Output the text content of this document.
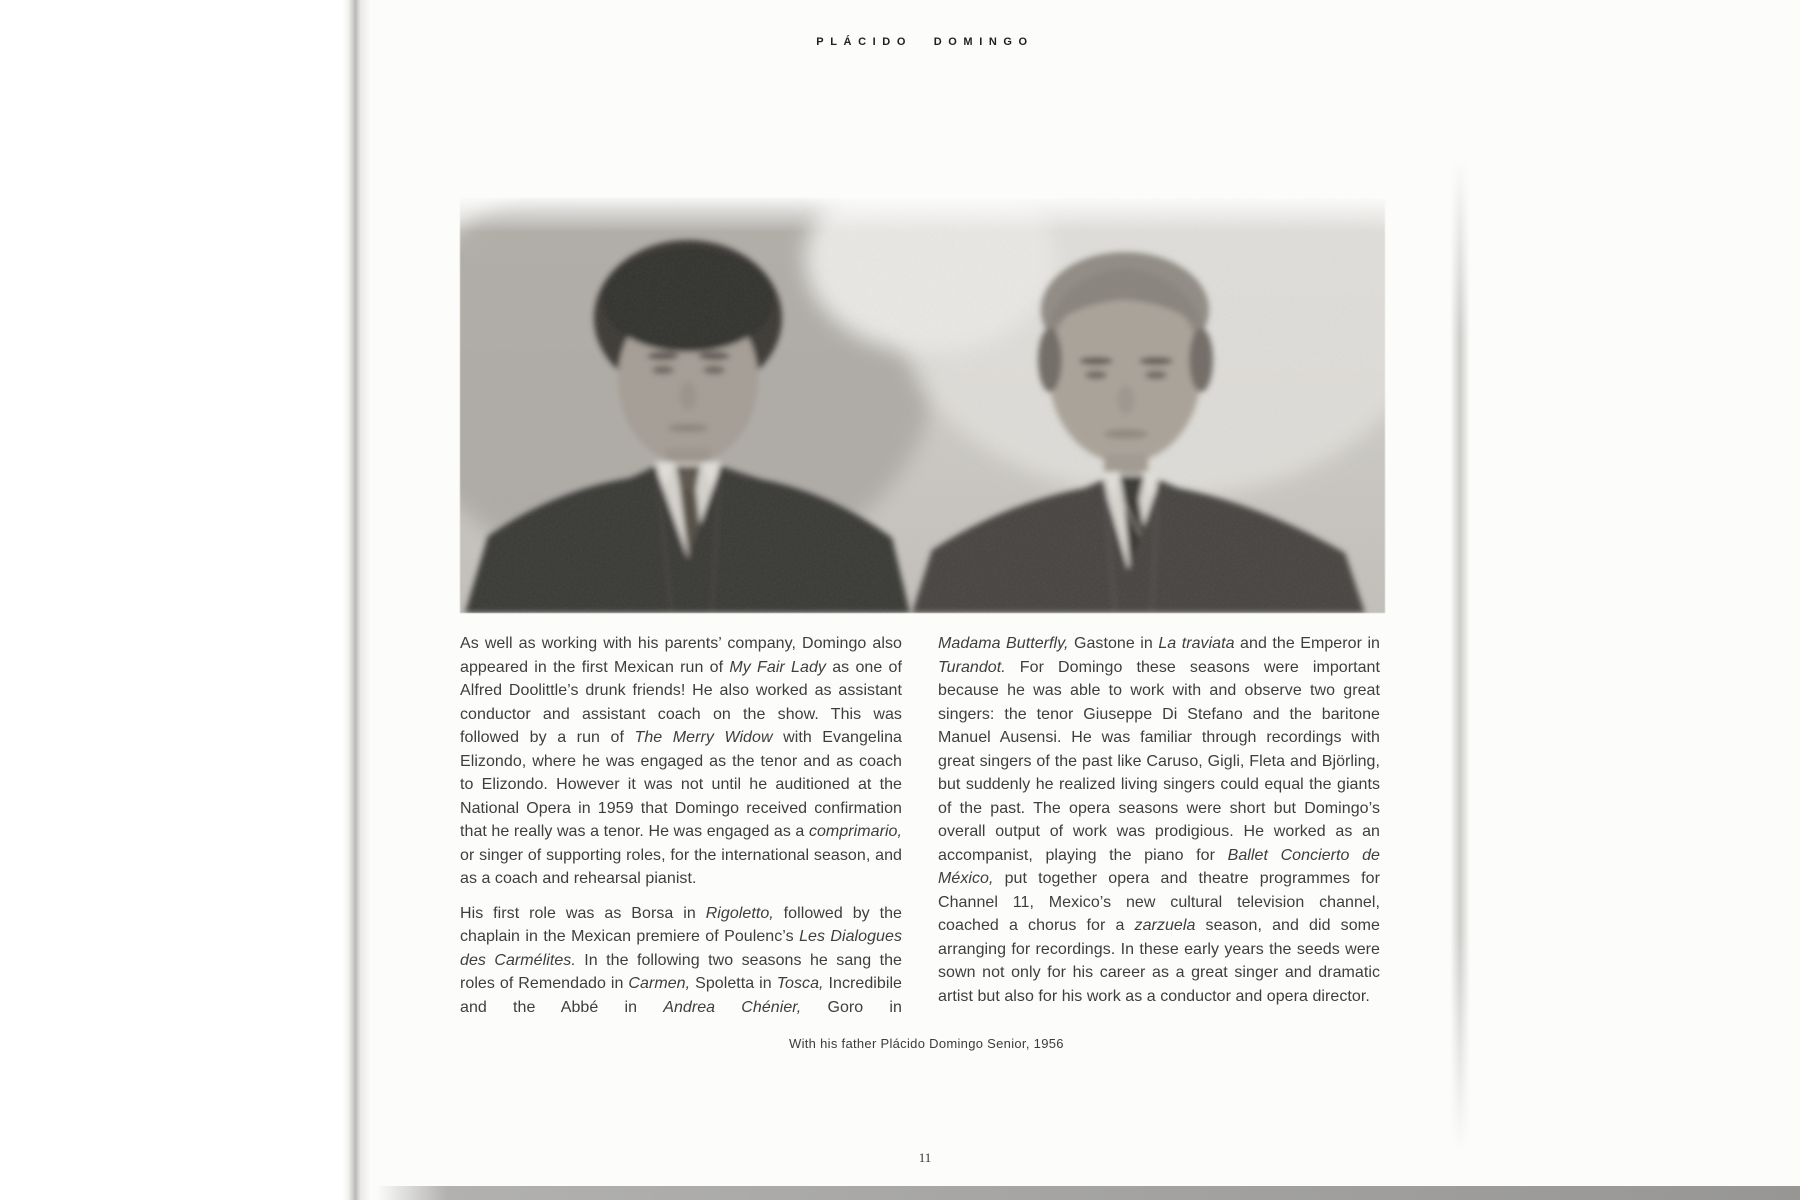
PLÁCIDO DOMINGO

As well as working with his parents’ company, Domingo also appeared in the first Mexican run of My Fair Lady as one of Alfred Doolittle’s drunk friends! He also worked as assistant conductor and assistant coach on the show. This was followed by a run of The Merry Widow with Evangelina Elizondo, where he was engaged as the tenor and as coach to Elizondo. However it was not until he auditioned at the National Opera in 1959 that Domingo received confirmation that he really was a tenor. He was engaged as a comprimario, or singer of supporting roles, for the international season, and as a coach and rehearsal pianist.

His first role was as Borsa in Rigoletto, followed by the chaplain in the Mexican premiere of Poulenc’s Les Dialogues des Carmélites. In the following two seasons he sang the roles of Remendado in Carmen, Spoletta in Tosca, Incredibile and the Abbé in Andrea Chénier, Goro in

Madama Butterfly, Gastone in La traviata and the Emperor in Turandot. For Domingo these seasons were important because he was able to work with and observe two great singers: the tenor Giuseppe Di Stefano and the baritone Manuel Ausensi. He was familiar through recordings with great singers of the past like Caruso, Gigli, Fleta and Björling, but suddenly he realized living singers could equal the giants of the past. The opera seasons were short but Domingo’s overall output of work was prodigious. He worked as an accompanist, playing the piano for Ballet Concierto de México, put together opera and theatre programmes for Channel 11, Mexico’s new cultural television channel, coached a chorus for a zarzuela season, and did some arranging for recordings. In these early years the seeds were sown not only for his career as a great singer and dramatic artist but also for his work as a conductor and opera director.

With his father Plácido Domingo Senior, 1956
11
